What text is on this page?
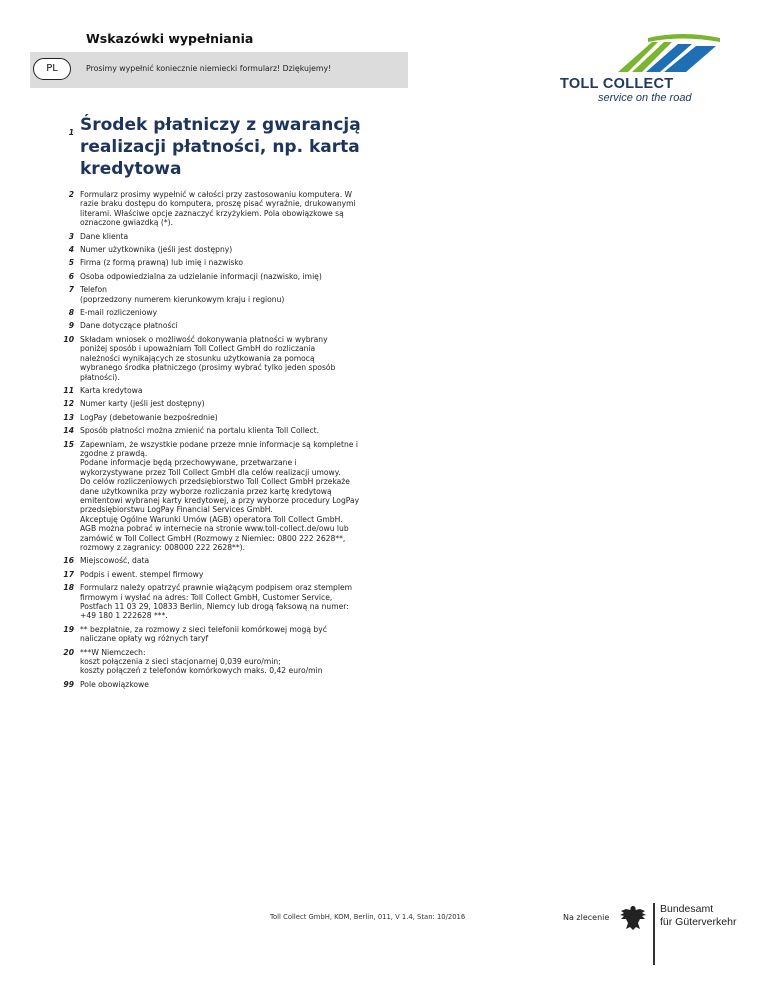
Wskazówki wypełniania
PL	Prosimy wypełnić koniecznie niemiecki formularz! Dziękujemy!
TOLL COLLECT
service on the road
1 Środek płatniczy z gwarancją realizacji płatności, np. karta kredytowa
2 Formularz prosimy wypełnić w całości przy zastosowaniu komputera. W
razie braku dostępu do komputera, proszę pisać wyraźnie, drukowanymi
literami. Właściwe opcje zaznaczyć krzyżykiem. Pola obowiązkowe są
oznaczone gwiazdką (*).
3 Dane klienta
4 Numer użytkownika (jeśli jest dostępny)
5 Firma (z formą prawną) lub imię i nazwisko
6 Osoba odpowiedzialna za udzielanie informacji (nazwisko, imię)
7 Telefon
(poprzedzony numerem kierunkowym kraju i regionu)
8 E-mail rozliczeniowy
9 Dane dotyczące płatności
10 Składam wniosek o możliwość dokonywania płatności w wybrany
poniżej sposób i upoważniam Toll Collect GmbH do rozliczania
należności wynikających ze stosunku użytkowania za pomocą
wybranego środka płatniczego (prosimy wybrać tylko jeden sposób
płatności).
11 Karta kredytowa
12 Numer karty (jeśli jest dostępny)
13 LogPay (debetowanie bezpośrednie)
14 Sposób płatności można zmienić na portalu klienta Toll Collect.
15 Zapewniam, że wszystkie podane przeze mnie informacje są kompletne i
zgodne z prawdą.
Podane informacje będą przechowywane, przetwarzane i
wykorzystywane przez Toll Collect GmbH dla celów realizacji umowy.
Do celów rozliczeniowych przedsiębiorstwo Toll Collect GmbH przekaże
dane użytkownika przy wyborze rozliczania przez kartę kredytową
emitentowi wybranej karty kredytowej, a przy wyborze procedury LogPay
przedsiębiorstwu LogPay Financial Services GmbH.
Akceptuję Ogólne Warunki Umów (AGB) operatora Toll Collect GmbH.
AGB można pobrać w internecie na stronie www.toll-collect.de/owu lub
zamówić w Toll Collect GmbH (Rozmowy z Niemiec: 0800 222 2628**,
rozmowy z zagranicy: 008000 222 2628**).
16 Miejscowość, data
17 Podpis i ewent. stempel firmowy
18 Formularz należy opatrzyć prawnie wiążącym podpisem oraz stemplem
firmowym i wysłać na adres: Toll Collect GmbH, Customer Service,
Postfach 11 03 29, 10833 Berlin, Niemcy lub drogą faksową na numer:
+49 180 1 222628 ***.
19 ** bezpłatnie, za rozmowy z sieci telefonii komórkowej mogą być
naliczane opłaty wg różnych taryf
20 ***W Niemczech:
koszt połączenia z sieci stacjonarnej 0,039 euro/min;
koszty połączeń z telefonów komórkowych maks. 0,42 euro/min
99 Pole obowiązkowe
Toll Collect GmbH, KOM, Berlin, 011, V 1.4, Stan: 10/2016	Na zlecenie
Bundesamt
für Güterverkehr
